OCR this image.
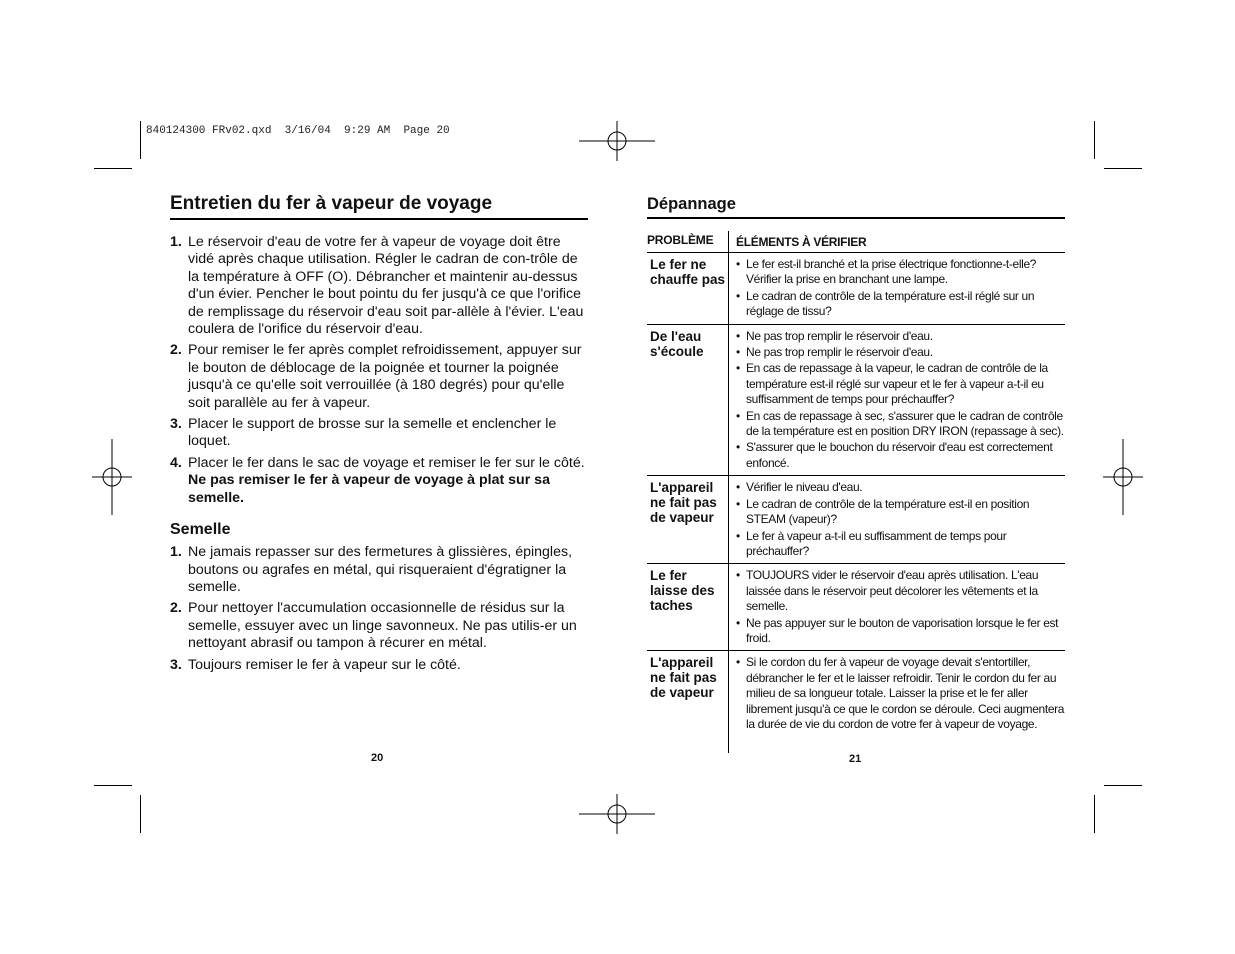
840124300 FRv02.qxd  3/16/04  9:29 AM  Page 20
Entretien du fer à vapeur de voyage
1. Le réservoir d'eau de votre fer à vapeur de voyage doit être vidé après chaque utilisation. Régler le cadran de con-trôle de la température à OFF (O). Débrancher et maintenir au-dessus d'un évier. Pencher le bout pointu du fer jusqu'à ce que l'orifice de remplissage du réservoir d'eau soit par-allèle à l'évier. L'eau coulera de l'orifice du réservoir d'eau.
2. Pour remiser le fer après complet refroidissement, appuyer sur le bouton de déblocage de la poignée et tourner la poignée jusqu'à ce qu'elle soit verrouillée (à 180 degrés) pour qu'elle soit parallèle au fer à vapeur.
3. Placer le support de brosse sur la semelle et enclencher le loquet.
4. Placer le fer dans le sac de voyage et remiser le fer sur le côté. Ne pas remiser le fer à vapeur de voyage à plat sur sa semelle.
Semelle
1. Ne jamais repasser sur des fermetures à glissières, épingles, boutons ou agrafes en métal, qui risqueraient d'égratigner la semelle.
2. Pour nettoyer l'accumulation occasionnelle de résidus sur la semelle, essuyer avec un linge savonneux. Ne pas utilis-er un nettoyant abrasif ou tampon à récurer en métal.
3. Toujours remiser le fer à vapeur sur le côté.
20
Dépannage
PROBLÈME	ÉLÉMENTS À VÉRIFIER
Le fer ne chauffe pas
• Le fer est-il branché et la prise électrique fonctionne-t-elle? Vérifier la prise en branchant une lampe.
• Le cadran de contrôle de la température est-il réglé sur un réglage de tissu?
De l'eau s'écoule
• Ne pas trop remplir le réservoir d'eau.
• Ne pas trop remplir le réservoir d'eau.
• En cas de repassage à la vapeur, le cadran de contrôle de la température est-il réglé sur vapeur et le fer à vapeur a-t-il eu suffisamment de temps pour préchauffer?
• En cas de repassage à sec, s'assurer que le cadran de contrôle de la température est en position DRY IRON (repassage à sec).
• S'assurer que le bouchon du réservoir d'eau est correctement enfoncé.
L'appareil ne fait pas de vapeur
• Vérifier le niveau d'eau.
• Le cadran de contrôle de la température est-il en position STEAM (vapeur)?
• Le fer à vapeur a-t-il eu suffisamment de temps pour préchauffer?
Le fer laisse des taches
• TOUJOURS vider le réservoir d'eau après utilisation. L'eau laissée dans le réservoir peut décolorer les vêtements et la semelle.
• Ne pas appuyer sur le bouton de vaporisation lorsque le fer est froid.
L'appareil ne fait pas de vapeur
• Si le cordon du fer à vapeur de voyage devait s'entortiller, débrancher le fer et le laisser refroidir. Tenir le cordon du fer au milieu de sa longueur totale. Laisser la prise et le fer aller librement jusqu'à ce que le cordon se déroule. Ceci augmentera la durée de vie du cordon de votre fer à vapeur de voyage.
21
